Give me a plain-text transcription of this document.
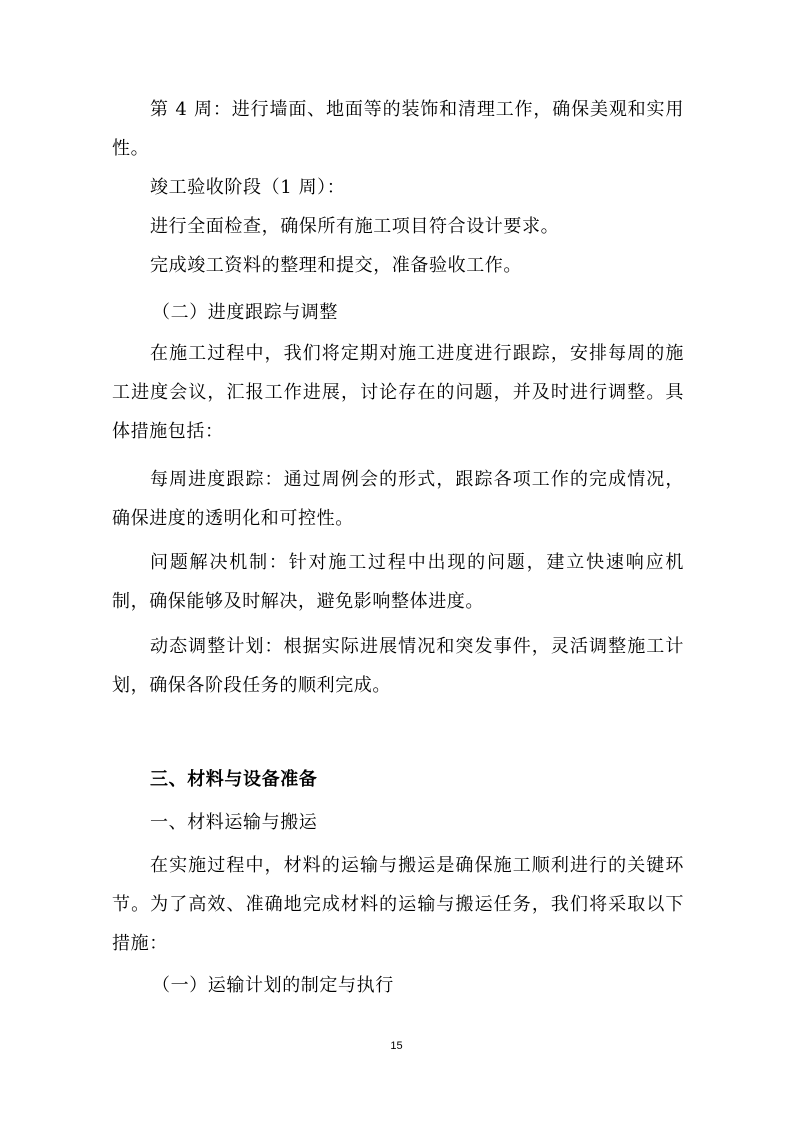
第 4 周：进行墙面、地面等的装饰和清理工作，确保美观和实用性。

竣工验收阶段（1 周）：

进行全面检查，确保所有施工项目符合设计要求。

完成竣工资料的整理和提交，准备验收工作。

（二）进度跟踪与调整

在施工过程中，我们将定期对施工进度进行跟踪，安排每周的施工进度会议，汇报工作进展，讨论存在的问题，并及时进行调整。具体措施包括：

每周进度跟踪：通过周例会的形式，跟踪各项工作的完成情况，确保进度的透明化和可控性。

问题解决机制：针对施工过程中出现的问题，建立快速响应机制，确保能够及时解决，避免影响整体进度。

动态调整计划：根据实际进展情况和突发事件，灵活调整施工计划，确保各阶段任务的顺利完成。

三、材料与设备准备

一、材料运输与搬运

在实施过程中，材料的运输与搬运是确保施工顺利进行的关键环节。为了高效、准确地完成材料的运输与搬运任务，我们将采取以下措施：

（一）运输计划的制定与执行

15
